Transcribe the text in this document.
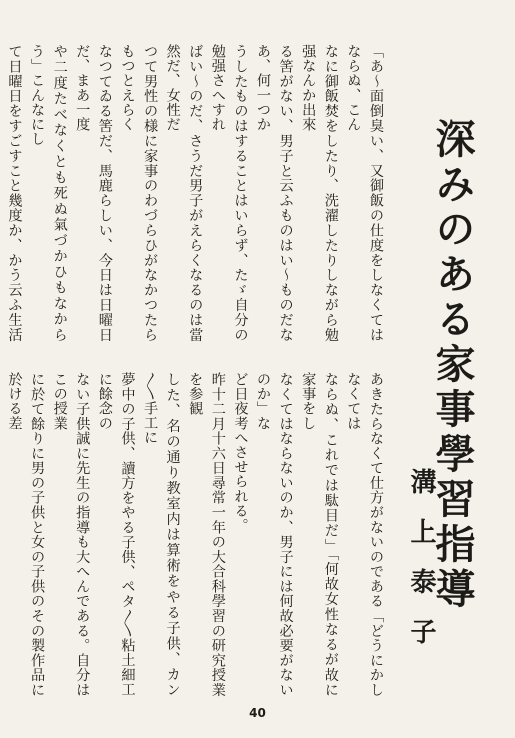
深みのある家事學習指導
溝上泰子
「あ〜面倒臭い、又御飯の仕度をしなくてはならぬ、こん
なに御飯焚をしたり、洗濯したりしながら勉强なんか出來
る筈がない、男子と云ふものはい〜ものだなあ、何一つか
うしたものはすることはいらず、たゞ自分の勉强さへすれ
ばい〜のだ、さうだ男子がえらくなるのは當然だ、女性だ
つて男性の様に家事のわづらひがなかつたらもつとえらく
なつてゐる筈だ、馬鹿らしい、今日は日曜日だ、まあ一度
や二度たべなくとも死ぬ氣づかひもなからう」こんなにし
て日曜日をすごすこと幾度か、かう云ふ生活
あきたらなくて仕方がないのである「どうにかしなくては
ならぬ、これでは駄目だ」「何故女性なるが故に家事をし
なくてはならないのか、男子には何故必要がないのか」な
ど日夜考へさせられる。
昨十二月十六日尋常一年の大合科學習の研究授業を参観
した、名の通り教室内は算術をやる子供、カン〳〵手工に
夢中の子供、讀方をやる子供、ペタ〳〵粘土細工に餘念の
ない子供誠に先生の指導も大へんである。自分はこの授業
に於て餘りに男の子供と女の子供のその製作品に於ける差
40
